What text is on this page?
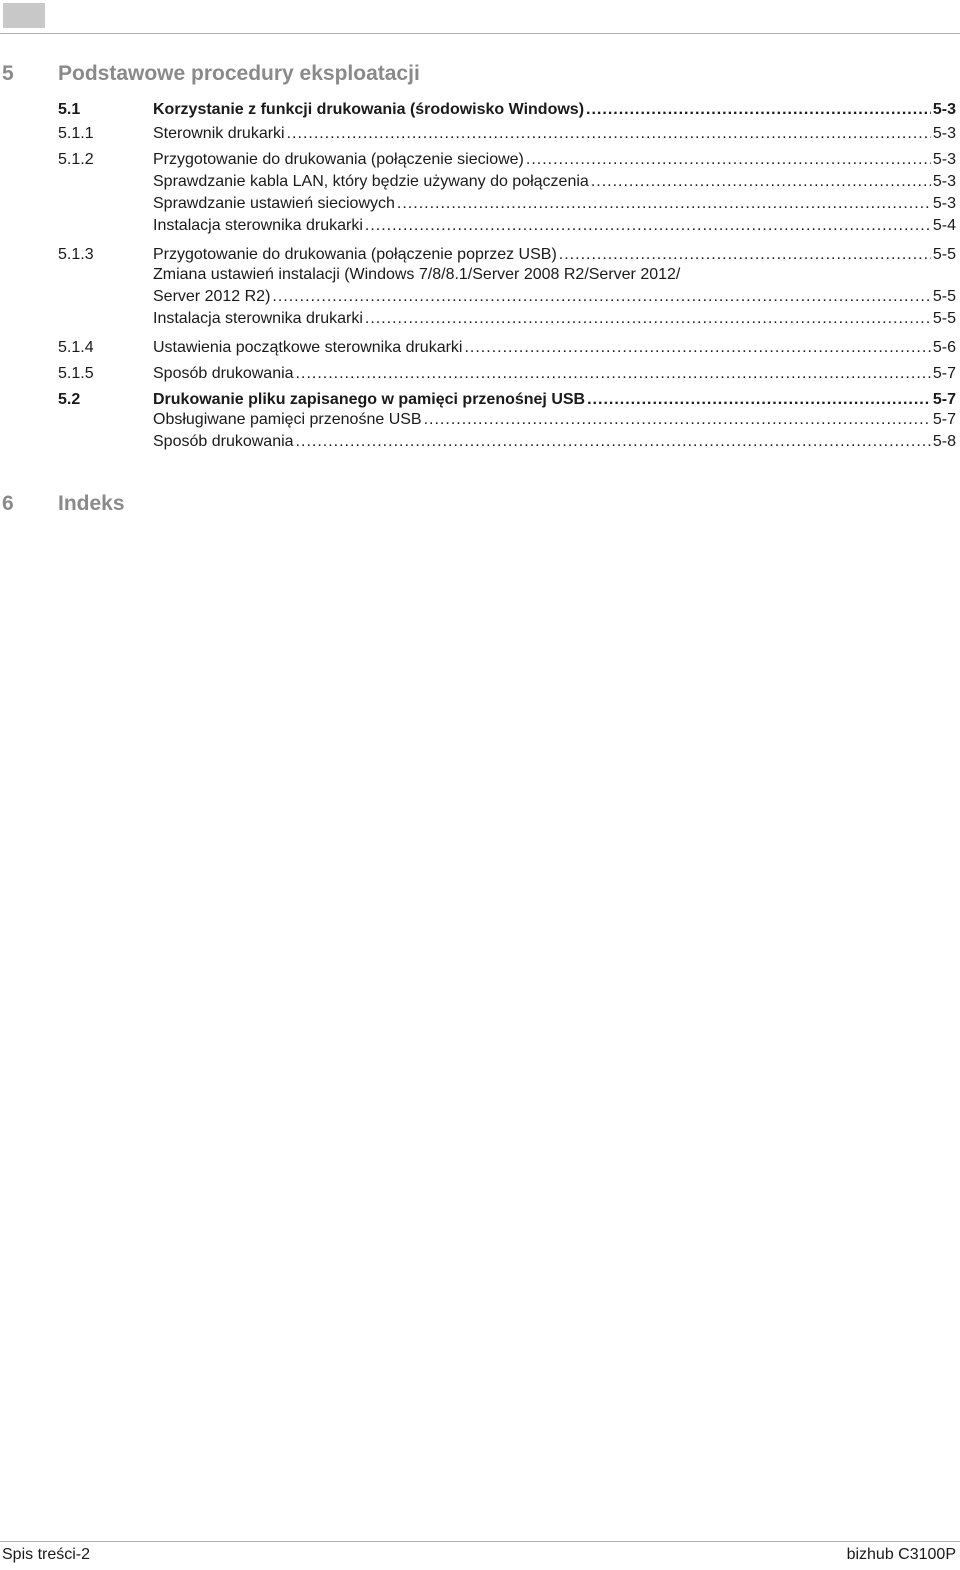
5 Podstawowe procedury eksploatacji
5.1	Korzystanie z funkcji drukowania (środowisko Windows) .....	5-3
5.1.1	Sterownik drukarki .....	5-3
5.1.2	Przygotowanie do drukowania (połączenie sieciowe) .....	5-3
Sprawdzanie kabla LAN, który będzie używany do połączenia .....	5-3
Sprawdzanie ustawień sieciowych .....	5-3
Instalacja sterownika drukarki .....	5-4
5.1.3	Przygotowanie do drukowania (połączenie poprzez USB) .....	5-5
Zmiana ustawień instalacji (Windows 7/8/8.1/Server 2008 R2/Server 2012/
Server 2012 R2) .....	5-5
Instalacja sterownika drukarki .....	5-5
5.1.4	Ustawienia początkowe sterownika drukarki .....	5-6
5.1.5	Sposób drukowania .....	5-7
5.2	Drukowanie pliku zapisanego w pamięci przenośnej USB .....	5-7
Obsługiwane pamięci przenośne USB .....	5-7
Sposób drukowania .....	5-8
6 Indeks
Spis treści-2	bizhub C3100P
